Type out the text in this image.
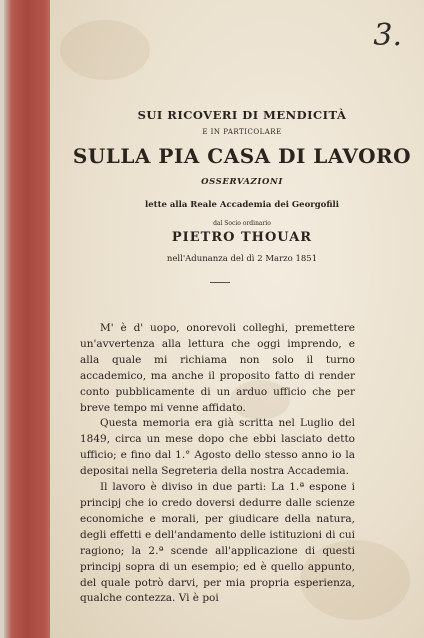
3.
SUI RICOVERI DI MENDICITÀ
E IN PARTICOLARE
SULLA PIA CASA DI LAVORO
OSSERVAZIONI
lette alla Reale Accademia dei Georgofili
dal Socio ordinario
PIETRO THOUAR
nell'Adunanza del dì 2 Marzo 1851

M' è d' uopo, onorevoli colleghi, premettere un'avvertenza alla lettura che oggi imprendo, e alla quale mi richiama non solo il turno accademico, ma anche il proposito fatto di render conto pubblicamente di un arduo ufficio che per breve tempo mi venne affidato.

Questa memoria era già scritta nel Luglio del 1849, circa un mese dopo che ebbi lasciato detto ufficio; e fino dal 1.° Agosto dello stesso anno io la depositai nella Segreteria della nostra Accademia.

Il lavoro è diviso in due parti: La 1.ª espone i principj che io credo doversi dedurre dalle scienze economiche e morali, per giudicare della natura, degli effetti e dell'andamento delle istituzioni di cui ragiono; la 2.ª scende all'applicazione di questi principj sopra di un esempio; ed è quello appunto, del quale potrò darvi, per mia propria esperienza, qualche contezza. Vi è poi
